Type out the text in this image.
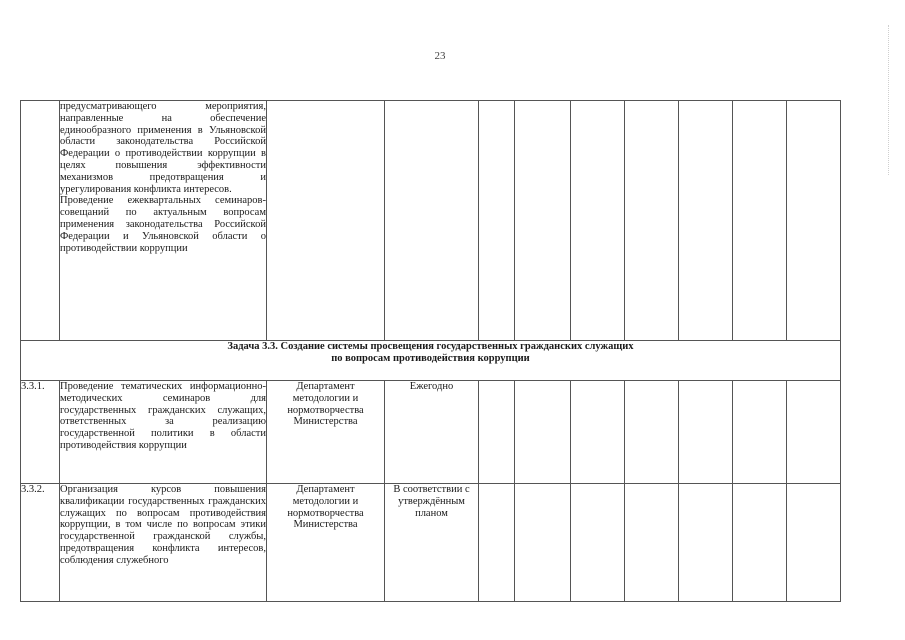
23

	предусматривающего мероприятия, направленные на обеспечение единообразного применения в Ульяновской области законодательства Российской Федерации о противодействии коррупции в целях повышения эффективности механизмов предотвращения и урегулирования конфликта интересов.
Проведение ежеквартальных семинаров-совещаний по актуальным вопросам применения законодательства Российской Федерации и Ульяновской области о противодействии коррупции									

Задача 3.3. Создание системы просвещения государственных гражданских служащих
по вопросам противодействия коррупции										

3.3.1.	Проведение тематических информационно-методических семинаров для государственных гражданских служащих, ответственных за реализацию государственной политики в области противодействия коррупции	Департамент методологии и нормотворчества Министерства	Ежегодно							
3.3.2.	Организация курсов повышения квалификации государственных гражданских служащих по вопросам противодействия коррупции, в том числе по вопросам этики государственной гражданской службы, предотвращения конфликта интересов, соблюдения служебного	Департамент методологии и нормотворчества Министерства	В соответствии с утверждённым планом							
